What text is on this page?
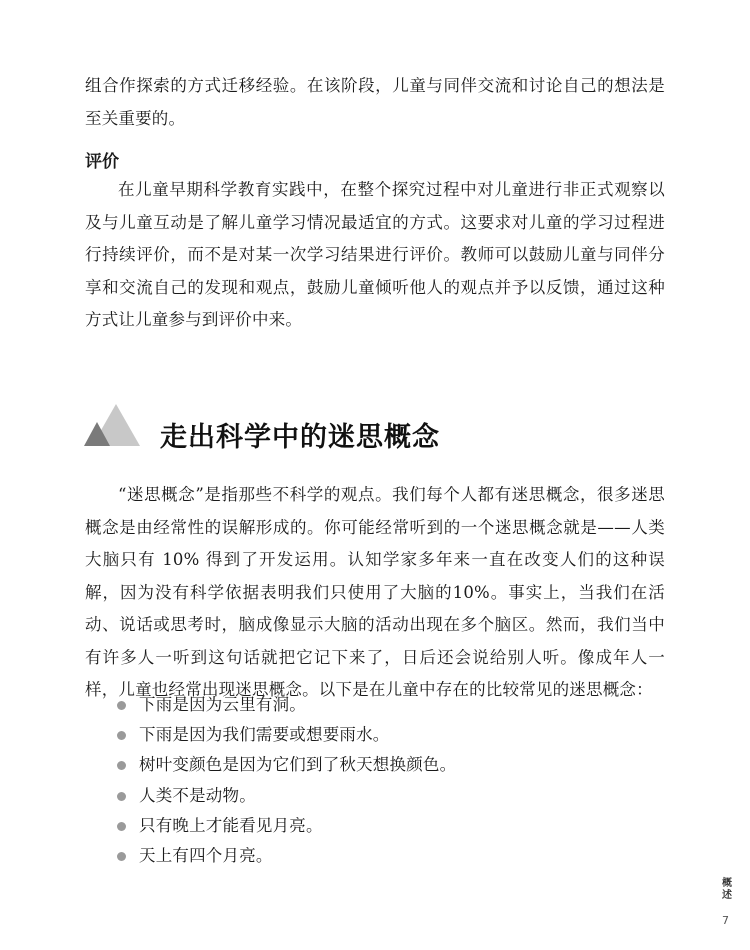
组合作探索的方式迁移经验。在该阶段，儿童与同伴交流和讨论自己的想法是至关重要的。

评价

在儿童早期科学教育实践中，在整个探究过程中对儿童进行非正式观察以及与儿童互动是了解儿童学习情况最适宜的方式。这要求对儿童的学习过程进行持续评价，而不是对某一次学习结果进行评价。教师可以鼓励儿童与同伴分享和交流自己的发现和观点，鼓励儿童倾听他人的观点并予以反馈，通过这种方式让儿童参与到评价中来。

走出科学中的迷思概念

“迷思概念”是指那些不科学的观点。我们每个人都有迷思概念，很多迷思概念是由经常性的误解形成的。你可能经常听到的一个迷思概念就是——人类大脑只有 10% 得到了开发运用。认知学家多年来一直在改变人们的这种误解，因为没有科学依据表明我们只使用了大脑的10%。事实上，当我们在活动、说话或思考时，脑成像显示大脑的活动出现在多个脑区。然而，我们当中有许多人一听到这句话就把它记下来了，日后还会说给别人听。像成年人一样，儿童也经常出现迷思概念。以下是在儿童中存在的比较常见的迷思概念：

下雨是因为云里有洞。
下雨是因为我们需要或想要雨水。
树叶变颜色是因为它们到了秋天想换颜色。
人类不是动物。
只有晚上才能看见月亮。
天上有四个月亮。
概述
7
